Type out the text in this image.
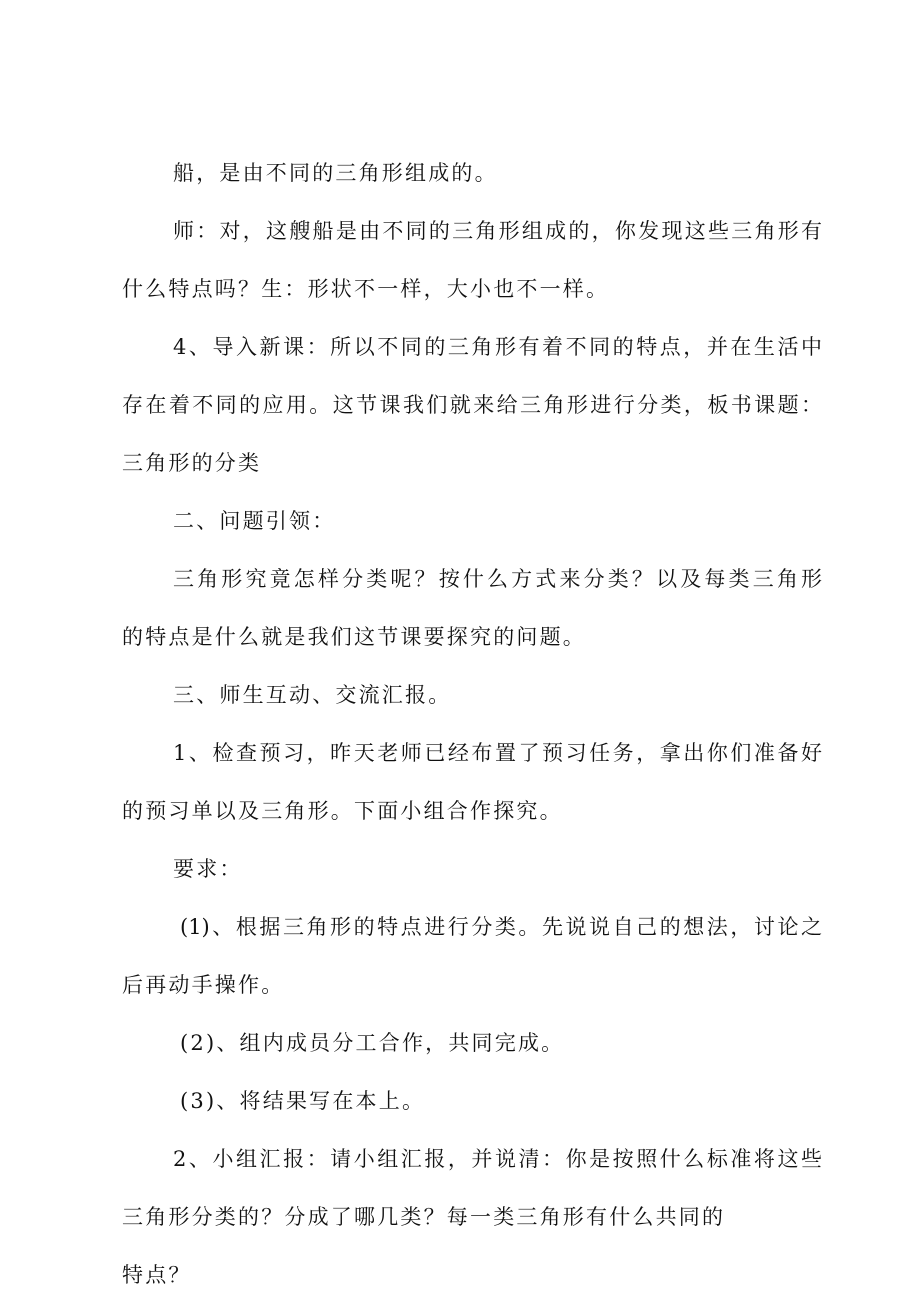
船，是由不同的三角形组成的。
师：对，这艘船是由不同的三角形组成的，你发现这些三角形有
什么特点吗？生：形状不一样，大小也不一样。
4、导入新课：所以不同的三角形有着不同的特点，并在生活中
存在着不同的应用。这节课我们就来给三角形进行分类，板书课题：
三角形的分类
二、问题引领：
三角形究竟怎样分类呢？按什么方式来分类？以及每类三角形
的特点是什么就是我们这节课要探究的问题。
三、师生互动、交流汇报。
1、检查预习，昨天老师已经布置了预习任务，拿出你们准备好
的预习单以及三角形。下面小组合作探究。
要求：
(1)、根据三角形的特点进行分类。先说说自己的想法，讨论之
后再动手操作。
(2)、组内成员分工合作，共同完成。
(3)、将结果写在本上。
2、小组汇报：请小组汇报，并说清：你是按照什么标准将这些
三角形分类的？分成了哪几类？每一类三角形有什么共同的
特点？
